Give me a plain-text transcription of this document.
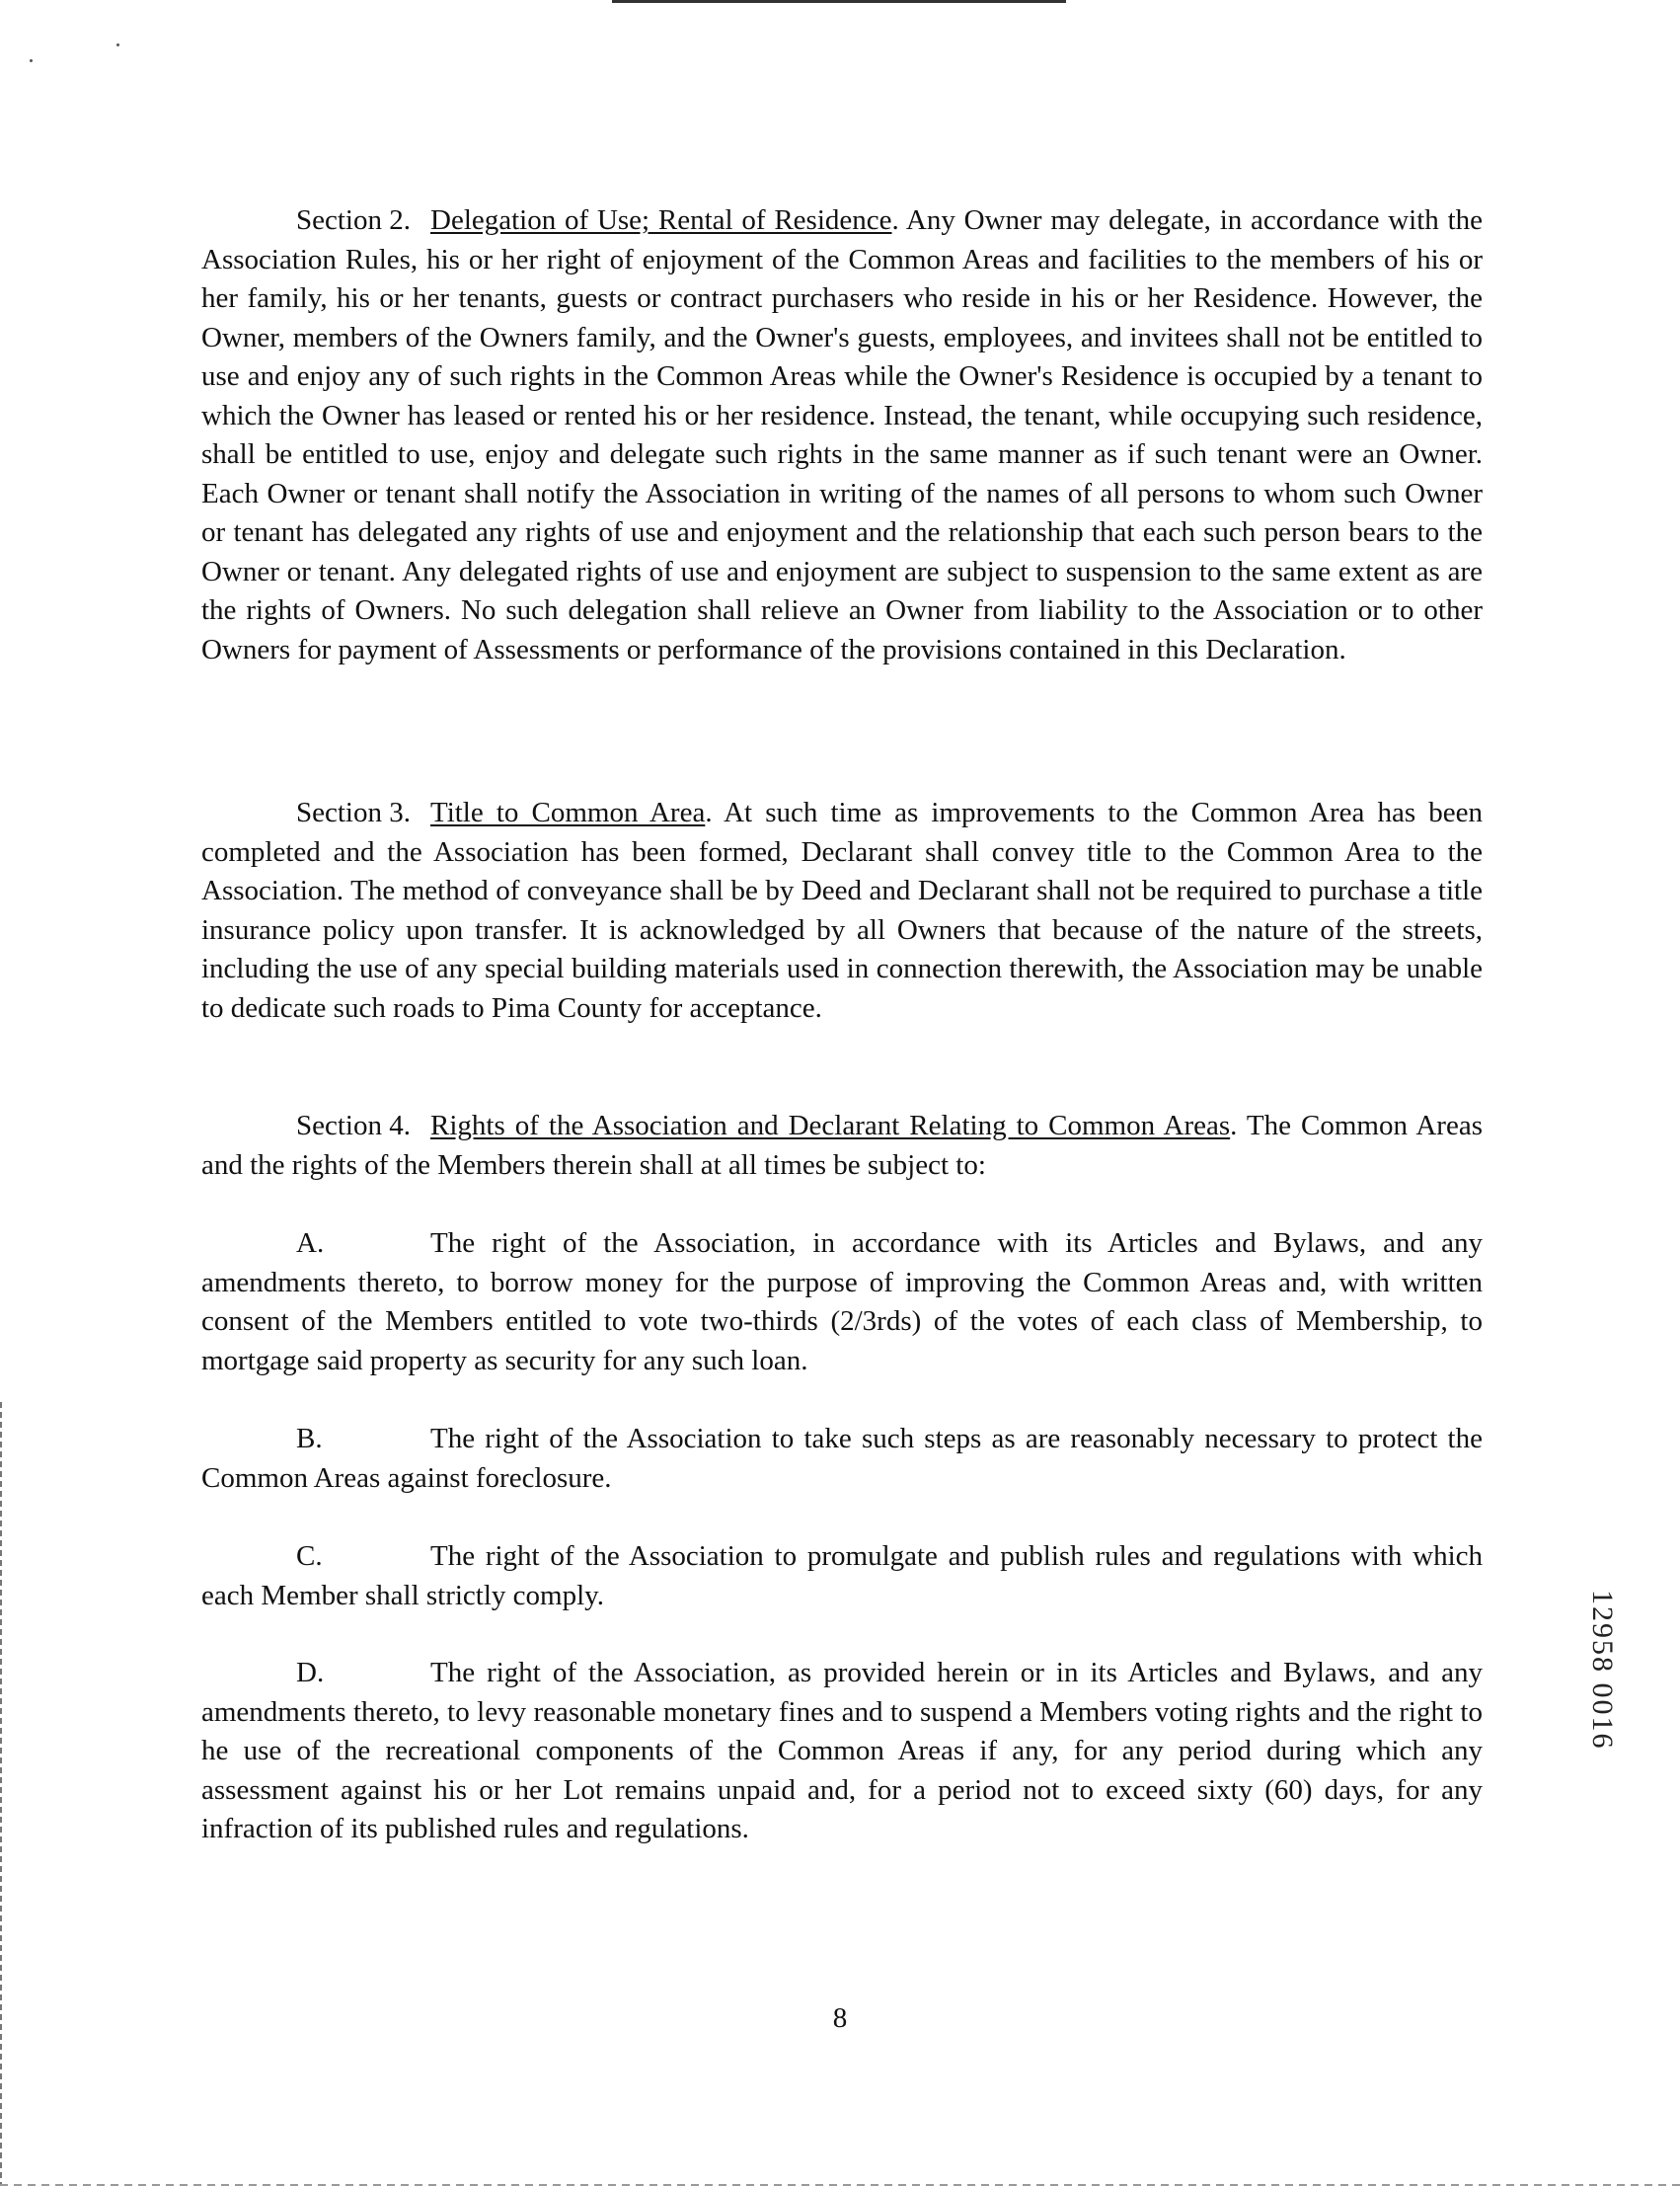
Section 2. Delegation of Use; Rental of Residence. Any Owner may delegate, in accordance with the Association Rules, his or her right of enjoyment of the Common Areas and facilities to the members of his or her family, his or her tenants, guests or contract purchasers who reside in his or her Residence. However, the Owner, members of the Owners family, and the Owner's guests, employees, and invitees shall not be entitled to use and enjoy any of such rights in the Common Areas while the Owner's Residence is occupied by a tenant to which the Owner has leased or rented his or her residence. Instead, the tenant, while occupying such residence, shall be entitled to use, enjoy and delegate such rights in the same manner as if such tenant were an Owner. Each Owner or tenant shall notify the Association in writing of the names of all persons to whom such Owner or tenant has delegated any rights of use and enjoyment and the relationship that each such person bears to the Owner or tenant. Any delegated rights of use and enjoyment are subject to suspension to the same extent as are the rights of Owners. No such delegation shall relieve an Owner from liability to the Association or to other Owners for payment of Assessments or performance of the provisions contained in this Declaration.

Section 3. Title to Common Area. At such time as improvements to the Common Area has been completed and the Association has been formed, Declarant shall convey title to the Common Area to the Association. The method of conveyance shall be by Deed and Declarant shall not be required to purchase a title insurance policy upon transfer. It is acknowledged by all Owners that because of the nature of the streets, including the use of any special building materials used in connection therewith, the Association may be unable to dedicate such roads to Pima County for acceptance.

Section 4. Rights of the Association and Declarant Relating to Common Areas. The Common Areas and the rights of the Members therein shall at all times be subject to:

A.	The right of the Association, in accordance with its Articles and Bylaws, and any amendments thereto, to borrow money for the purpose of improving the Common Areas and, with written consent of the Members entitled to vote two-thirds (2/3rds) of the votes of each class of Membership, to mortgage said property as security for any such loan.

B.	The right of the Association to take such steps as are reasonably necessary to protect the Common Areas against foreclosure.

C.	The right of the Association to promulgate and publish rules and regulations with which each Member shall strictly comply.

D.	The right of the Association, as provided herein or in its Articles and Bylaws, and any amendments thereto, to levy reasonable monetary fines and to suspend a Members voting rights and the right to he use of the recreational components of the Common Areas if any, for any period during which any assessment against his or her Lot remains unpaid and, for a period not to exceed sixty (60) days, for any infraction of its published rules and regulations.

8
12958 0016
